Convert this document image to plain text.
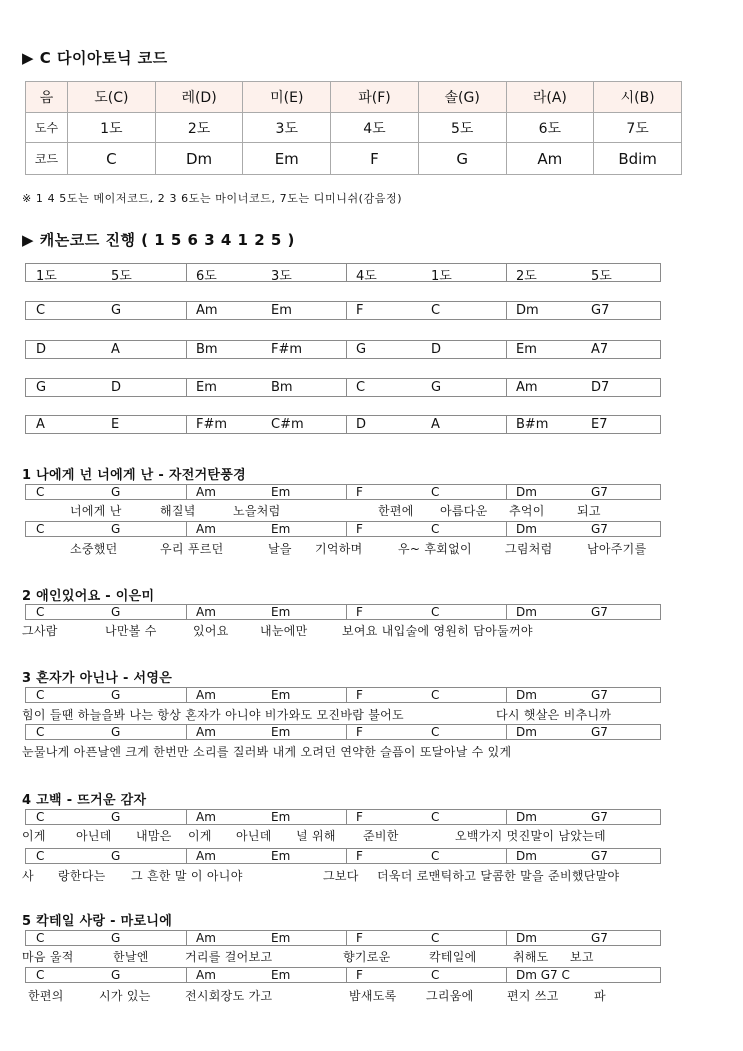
▶ C 다이아토닉 코드
음	도(C)	레(D)	미(E)	파(F)	솔(G)	라(A)	시(B)
도수	1도	2도	3도	4도	5도	6도	7도
코드	C	Dm	Em	F	G	Am	Bdim
※ 1 4 5도는 메이저코드, 2 3 6도는 마이너코드, 7도는 디미니쉬(감음정)
▶ 캐논코드 진행 ( 1 5 6 3 4 1 2 5 )
1도	5도	6도	3도	4도	1도	2도	5도
C	G	Am	Em	F	C	Dm	G7
D	A	Bm	F#m	G	D	Em	A7
G	D	Em	Bm	C	G	Am	D7
A	E	F#m	C#m	D	A	B#m	E7
1 나에게 넌 너에게 난 - 자전거탄풍경
C	G	Am	Em	F	C	Dm	G7
너에게 난	해질녘	노을처럼	한편에 아름다운 추억이	되고
C	G	Am	Em	F	C	Dm	G7
소중했던	우리 푸르던	날을 기억하며	우~ 후회없이	그림처럼	남아주기를
2 애인있어요 - 이은미
C	G	Am	Em	F	C	Dm	G7
그사람	나만볼 수	있어요	내눈에만	보여요 내입술에 영원히 담아둘꺼야
3 혼자가 아닌나 - 서영은
C	G	Am	Em	F	C	Dm	G7
힘이 들땐 하늘을봐 나는 항상 혼자가 아니야 비가와도 모진바람 불어도	다시 햇살은 비추니까
C	G	Am	Em	F	C	Dm	G7
눈물나게 아픈날엔 크게 한번만 소리를 질러봐 내게 오려던 연약한 슬픔이 또달아날 수 있게
4 고백 - 뜨거운 감자
C	G	Am	Em	F	C	Dm	G7
이게	아닌데 내맘은 이게 아닌데 널 위해 준비한	오백가지 멋진말이 남았는데
C	G	Am	Em	F	C	Dm	G7
사 랑한다는 그 흔한 말 이 아니야	그보다 더욱더 로맨틱하고 달콤한 말을 준비했단말야
5 칵테일 사랑 - 마로니에
C	G	Am	Em	F	C	Dm	G7
마음 울적	한날엔	거리를 걸어보고	향기로운	칵테일에	취해도 보고
C	G	Am	Em	F	C	Dm G7 C
한편의	시가 있는	전시회장도 가고	밤새도록 그리움에	편지 쓰고	파
